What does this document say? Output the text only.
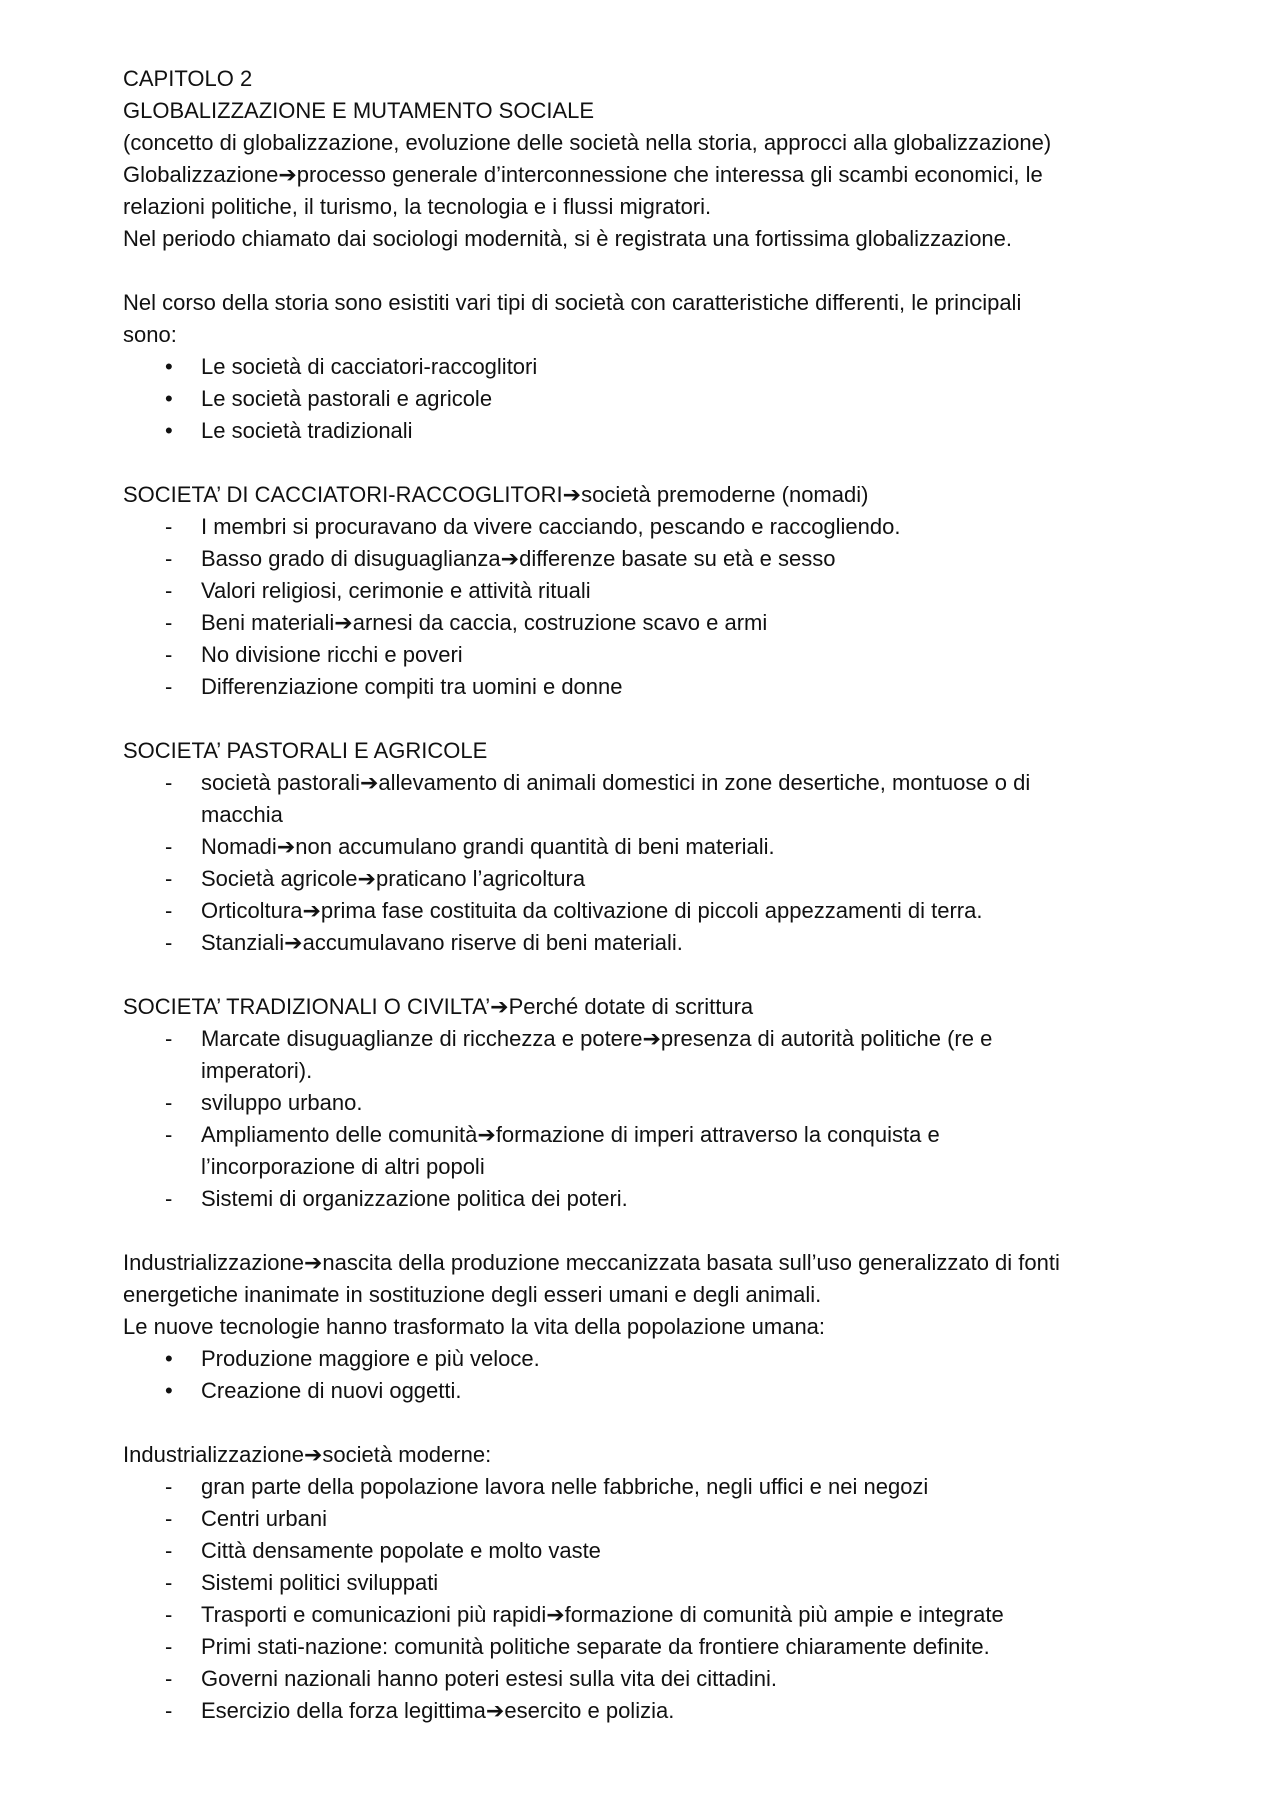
CAPITOLO 2
GLOBALIZZAZIONE E MUTAMENTO SOCIALE
(concetto di globalizzazione, evoluzione delle società nella storia, approcci alla globalizzazione)
Globalizzazione➔processo generale d’interconnessione che interessa gli scambi economici, le
relazioni politiche, il turismo, la tecnologia e i flussi migratori.
Nel periodo chiamato dai sociologi modernità, si è registrata una fortissima globalizzazione.
Nel corso della storia sono esistiti vari tipi di società con caratteristiche differenti, le principali
sono:
• Le società di cacciatori-raccoglitori
• Le società pastorali e agricole
• Le società tradizionali
SOCIETA’ DI CACCIATORI-RACCOGLITORI➔società premoderne (nomadi)
- I membri si procuravano da vivere cacciando, pescando e raccogliendo.
- Basso grado di disuguaglianza➔differenze basate su età e sesso
- Valori religiosi, cerimonie e attività rituali
- Beni materiali➔arnesi da caccia, costruzione scavo e armi
- No divisione ricchi e poveri
- Differenziazione compiti tra uomini e donne
SOCIETA’ PASTORALI E AGRICOLE
- società pastorali➔allevamento di animali domestici in zone desertiche, montuose o di
macchia
- Nomadi➔non accumulano grandi quantità di beni materiali.
- Società agricole➔praticano l’agricoltura
- Orticoltura➔prima fase costituita da coltivazione di piccoli appezzamenti di terra.
- Stanziali➔accumulavano riserve di beni materiali.
SOCIETA’ TRADIZIONALI O CIVILTA’➔Perché dotate di scrittura
- Marcate disuguaglianze di ricchezza e potere➔presenza di autorità politiche (re e
imperatori).
- sviluppo urbano.
- Ampliamento delle comunità➔formazione di imperi attraverso la conquista e
l’incorporazione di altri popoli
- Sistemi di organizzazione politica dei poteri.
Industrializzazione➔nascita della produzione meccanizzata basata sull’uso generalizzato di fonti
energetiche inanimate in sostituzione degli esseri umani e degli animali.
Le nuove tecnologie hanno trasformato la vita della popolazione umana:
• Produzione maggiore e più veloce.
• Creazione di nuovi oggetti.
Industrializzazione➔società moderne:
- gran parte della popolazione lavora nelle fabbriche, negli uffici e nei negozi
- Centri urbani
- Città densamente popolate e molto vaste
- Sistemi politici sviluppati
- Trasporti e comunicazioni più rapidi➔formazione di comunità più ampie e integrate
- Primi stati-nazione: comunità politiche separate da frontiere chiaramente definite.
- Governi nazionali hanno poteri estesi sulla vita dei cittadini.
- Esercizio della forza legittima➔esercito e polizia.
